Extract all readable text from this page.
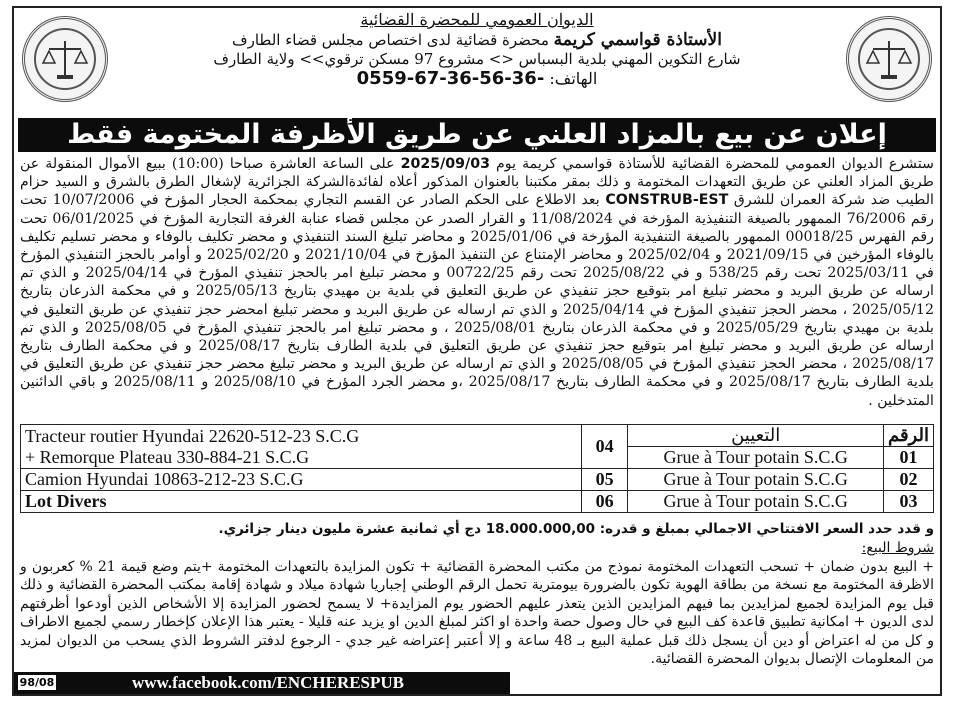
الديوان العمومي للمحضرة القضائية
الأستاذة قواسمي كريمة محضرة قضائية لدى اختصاص مجلس قضاء الطارف
شارع التكوين المهني بلدية البسباس <> مشروع 97 مسكن ترقوي>> ولاية الطارف
الهاتف: 0559-67-36-56-36-
إعلان عن بيع بالمزاد العلني عن طريق الأظرفة المختومة فقط
ستشرع الديوان العمومي للمحضرة القضائية للأستاذة قواسمي كريمة يوم 2025/09/03 على الساعة العاشرة صباحا (10:00) ببيع الأموال المنقولة عن طريق المزاد العلني عن طريق التعهدات المختومة و ذلك بمقر مكتبنا بالعنوان المذكور أعلاه لفائدةالشركة الجزائرية لإشغال الطرق بالشرق و السيد حزام الطيب ضد شركة العمران للشرق CONSTRUB-EST بعد الاطلاع على الحكم الصادر عن القسم التجاري بمحكمة الحجار المؤرخ في 10/07/2006 تحت رقم 76/2006 الممهور بالصيغة التنفيذية المؤرخة في 11/08/2024 و القرار الصدر عن مجلس قضاء عنابة الغرفة التجارية المؤرخ في 06/01/2025 تحت رقم الفهرس 00018/25 الممهور بالصيغة التنفيذية المؤرخة في 2025/01/06 و محاضر تبليغ السند التنفيذي و محضر تكليف بالوفاء و محضر تسليم تكليف بالوفاء المؤرخين في 2021/09/15 و 2025/02/04 و محاضر الإمتناع عن التنفيذ المؤرخ في 2021/10/04 و 2025/02/20 و أوامر بالحجز التنفيذي المؤرخ في 2025/03/11 تحت رقم 538/25 و في 2025/08/22 تحت رقم 00722/25 و محضر تبليغ امر بالحجز تنفيذي المؤرخ في 2025/04/14 و الذي تم ارساله عن طريق البريد و محضر تبليغ امر بتوقيع حجز تنفيذي عن طريق التعليق في بلدية بن مهيدي بتاريخ 2025/05/13 و في محكمة الذرعان بتاريخ 2025/05/12 ، محضر الحجز تنفيذي المؤرخ في 2025/04/14 و الذي تم ارساله عن طريق البريد و محضر تبليغ امحضر حجز تنفيذي عن طريق التعليق في بلدية بن مهيدي بتاريخ 2025/05/29 و في محكمة الذرعان بتاريخ 2025/08/01 ، و محضر تبليغ امر بالحجز تنفيذي المؤرخ في 2025/08/05 و الذي تم ارساله عن طريق البريد و محضر تبليغ امر بتوقيع حجز تنفيذي عن طريق التعليق في بلدية الطارف بتاريخ 2025/08/17 و في محكمة الطارف بتاريخ 2025/08/17 ، محضر الحجز تنفيذي المؤرخ في 2025/08/05 و الذي تم ارساله عن طريق البريد و محضر تبليغ محضر حجز تنفيذي عن طريق التعليق في بلدية الطارف بتاريخ 2025/08/17 و في محكمة الطارف بتاريخ 2025/08/17 ،و محضر الجرد المؤرخ في 2025/08/10 و 2025/08/11 و باقي الدائنين المتدخلين .
Tracteur routier Hyundai 22620-512-23 S.C.G
+ Remorque Plateau 330-884-21 S.C.G	04	التعيين	الرقم
		Grue à Tour potain S.C.G	01
Camion Hyundai 10863-212-23 S.C.G	05	Grue à Tour potain S.C.G	02
Lot Divers	06	Grue à Tour potain S.C.G	03
و قدد حدد السعر الافتتاحي الاجمالي بمبلغ و قدره: 18.000.000,00 دج أي ثمانية عشرة مليون دينار جزائري.
شروط البيع:
+ البيع بدون ضمان + تسحب التعهدات المختومة نموذج من مكتب المحضرة القضائية + تكون المزايدة بالتعهدات المختومة +يتم وضع قيمة 21 % كعربون و الاظرفة المختومة مع نسخة من بطاقة الهوية تكون بالضرورة بيومترية تحمل الرقم الوطني إجباريا شهادة ميلاد و شهادة إقامة بمكتب المحضرة القضائية و ذلك قبل يوم المزايدة لجميع لمزايدين بما فيهم المزايدين الذين يتعذر عليهم الحضور يوم المزايدة+ لا يسمح لحضور المزايدة إلا الأشخاص الذين أودعوا أظرفتهم لدى الديون + امكانية تطبيق قاعدة كف البيع في حال وصول حصة واحدة او اكثر لمبلغ الدين او يزيد عنه قليلا - يعتبر هذا الإعلان كإخطار رسمي لجميع الاطراف و كل من له اعتراض أو دين أن يسجل ذلك قبل عملية البيع بـ 48 ساعة و إلا أعتبر إعتراضه غير جدي - الرجوع لدفتر الشروط الذي يسحب من الديوان لمزيد من المعلومات الإتصال بديوان المحضرة القضائية.
98/08	www.facebook.com/ENCHERESPUB
